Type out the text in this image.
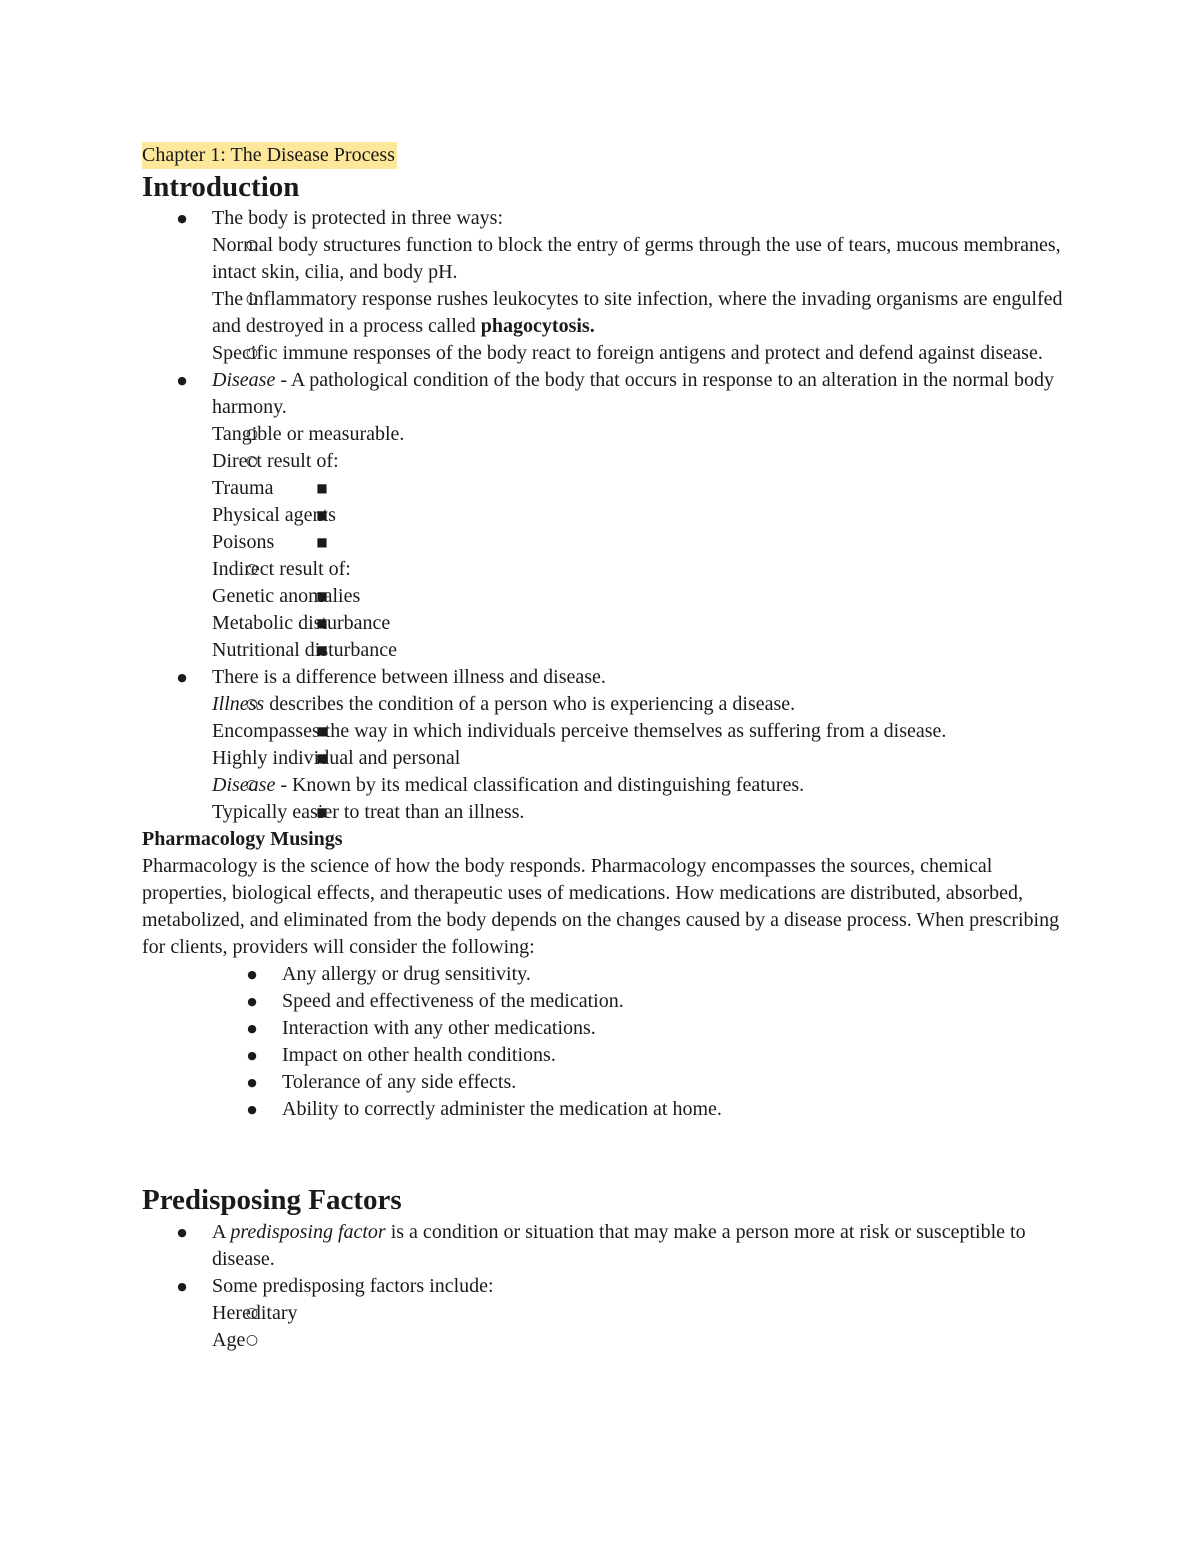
Chapter 1: The Disease Process
Introduction
●
The body is protected in three ways:
○
Normal body structures function to block the entry of germs through the use of tears, mucous membranes, intact skin, cilia, and body pH.
○
The inflammatory response rushes leukocytes to site infection, where the invading organisms are engulfed and destroyed in a process called phagocytosis.
○
Specific immune responses of the body react to foreign antigens and protect and defend against disease.
●
Disease - A pathological condition of the body that occurs in response to an alteration in the normal body harmony.
○
Tangible or measurable.
○
Direct result of:
■
Trauma
■
Physical agents
■
Poisons
○
Indirect result of:
■
Genetic anomalies
■
Metabolic disturbance
■
Nutritional disturbance
●
There is a difference between illness and disease.
○
Illness describes the condition of a person who is experiencing a disease.
■
Encompasses the way in which individuals perceive themselves as suffering from a disease.
■
Highly individual and personal
○
Disease - Known by its medical classification and distinguishing features.
■
Typically easier to treat than an illness.
Pharmacology Musings

Pharmacology is the science of how the body responds. Pharmacology encompasses the sources, chemical properties, biological effects, and therapeutic uses of medications. How medications are distributed, absorbed, metabolized, and eliminated from the body depends on the changes caused by a disease process. When prescribing for clients, providers will consider the following:

●
Any allergy or drug sensitivity.
●
Speed and effectiveness of the medication.
●
Interaction with any other medications.
●
Impact on other health conditions.
●
Tolerance of any side effects.
●
Ability to correctly administer the medication at home.
Predisposing Factors
●
A predisposing factor is a condition or situation that may make a person more at risk or susceptible to disease.
●
Some predisposing factors include:
○
Hereditary
○
Age
